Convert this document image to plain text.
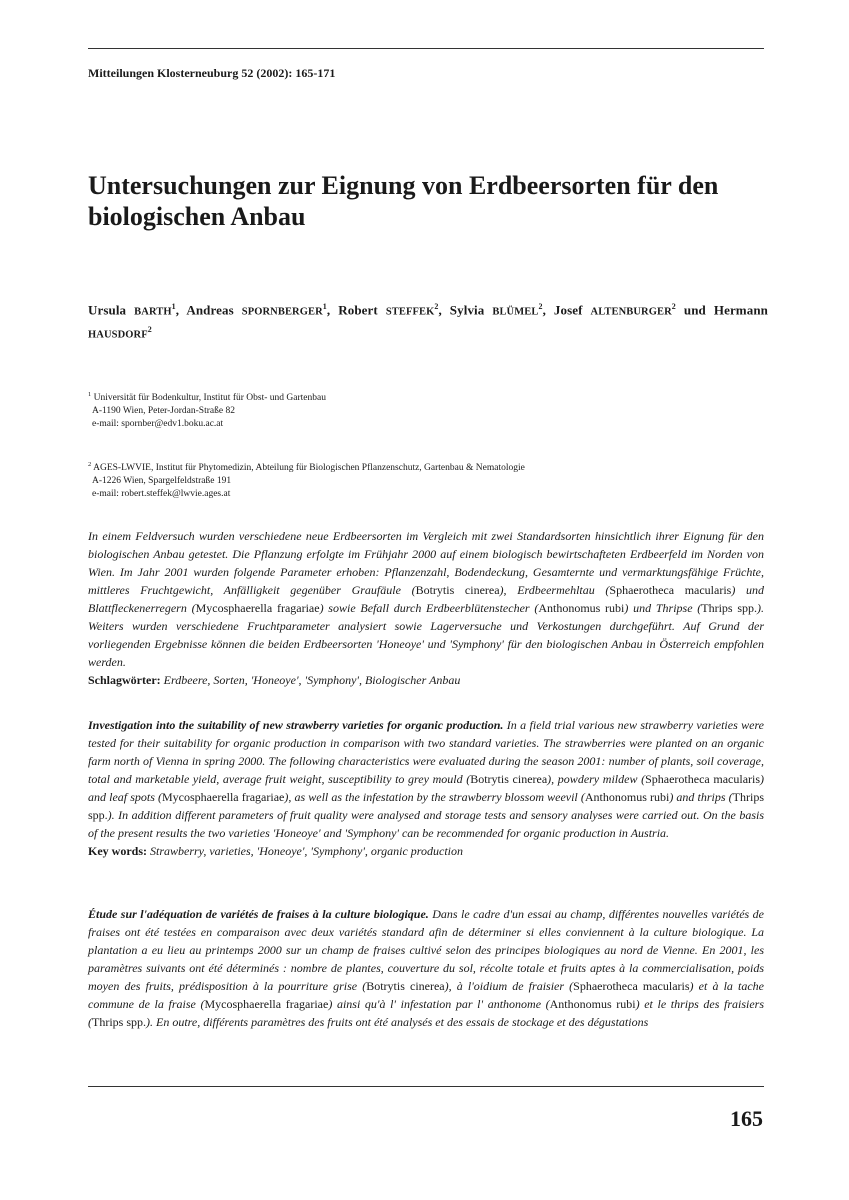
Mitteilungen Klosterneuburg 52 (2002): 165-171
Untersuchungen zur Eignung von Erdbeersorten für den biologischen Anbau
Ursula BARTH$^1$, Andreas SPORNBERGER$^1$, Robert STEFFEK$^2$, Sylvia BLÜMEL$^2$, Josef ALTENBURGER$^2$ und Hermann HAUSDORF$^2$
$^1$ Universität für Bodenkultur, Institut für Obst- und Gartenbau
A-1190 Wien, Peter-Jordan-Straße 82
e-mail: spornber@edv1.boku.ac.at
$^2$ AGES-LWVIE, Institut für Phytomedizin, Abteilung für Biologischen Pflanzenschutz, Gartenbau & Nematologie
A-1226 Wien, Spargelfeldstraße 191
e-mail: robert.steffek@lwvie.ages.at

In einem Feldversuch wurden verschiedene neue Erdbeersorten im Vergleich mit zwei Standardsorten hinsichtlich ihrer Eignung für den biologischen Anbau getestet. Die Pflanzung erfolgte im Frühjahr 2000 auf einem biologisch bewirtschafteten Erdbeerfeld im Norden von Wien. Im Jahr 2001 wurden folgende Parameter erhoben: Pflanzenzahl, Bodendeckung, Gesamternte und vermarktungsfähige Früchte, mittleres Fruchtgewicht, Anfälligkeit gegenüber Graufäule (Botrytis cinerea), Erdbeermehltau (Sphaerotheca macularis) und Blattfleckenerregern (Mycosphaerella fragariae) sowie Befall durch Erdbeerblütenstecher (Anthonomus rubi) und Thripse (Thrips spp.). Weiters wurden verschiedene Fruchtparameter analysiert sowie Lagerversuche und Verkostungen durchgeführt. Auf Grund der vorliegenden Ergebnisse können die beiden Erdbeersorten 'Honeoye' und 'Symphony' für den biologischen Anbau in Österreich empfohlen werden.
Schlagwörter: Erdbeere, Sorten, 'Honeoye', 'Symphony', Biologischer Anbau

Investigation into the suitability of new strawberry varieties for organic production. In a field trial various new strawberry varieties were tested for their suitability for organic production in comparison with two standard varieties. The strawberries were planted on an organic farm north of Vienna in spring 2000. The following characteristics were evaluated during the season 2001: number of plants, soil coverage, total and marketable yield, average fruit weight, susceptibility to grey mould (Botrytis cinerea), powdery mildew (Sphaerotheca macularis) and leaf spots (Mycosphaerella fragariae), as well as the infestation by the strawberry blossom weevil (Anthonomus rubi) and thrips (Thrips spp.). In addition different parameters of fruit quality were analysed and storage tests and sensory analyses were carried out. On the basis of the present results the two varieties 'Honeoye' and 'Symphony' can be recommended for organic production in Austria.
Key words: Strawberry, varieties, 'Honeoye', 'Symphony', organic production

Étude sur l'adéquation de variétés de fraises à la culture biologique. Dans le cadre d'un essai au champ, différentes nouvelles variétés de fraises ont été testées en comparaison avec deux variétés standard afin de déterminer si elles conviennent à la culture biologique. La plantation a eu lieu au printemps 2000 sur un champ de fraises cultivé selon des principes biologiques au nord de Vienne. En 2001, les paramètres suivants ont été déterminés : nombre de plantes, couverture du sol, récolte totale et fruits aptes à la commercialisation, poids moyen des fruits, prédisposition à la pourriture grise (Botrytis cinerea), à l'oidium de fraisier (Sphaerotheca macularis) et à la tache commune de la fraise (Mycosphaerella fragariae) ainsi qu'à l' infestation par l' anthonome (Anthonomus rubi) et le thrips des fraisiers (Thrips spp.). En outre, différents paramètres des fruits ont été analysés et des essais de stockage et des dégustations

165
